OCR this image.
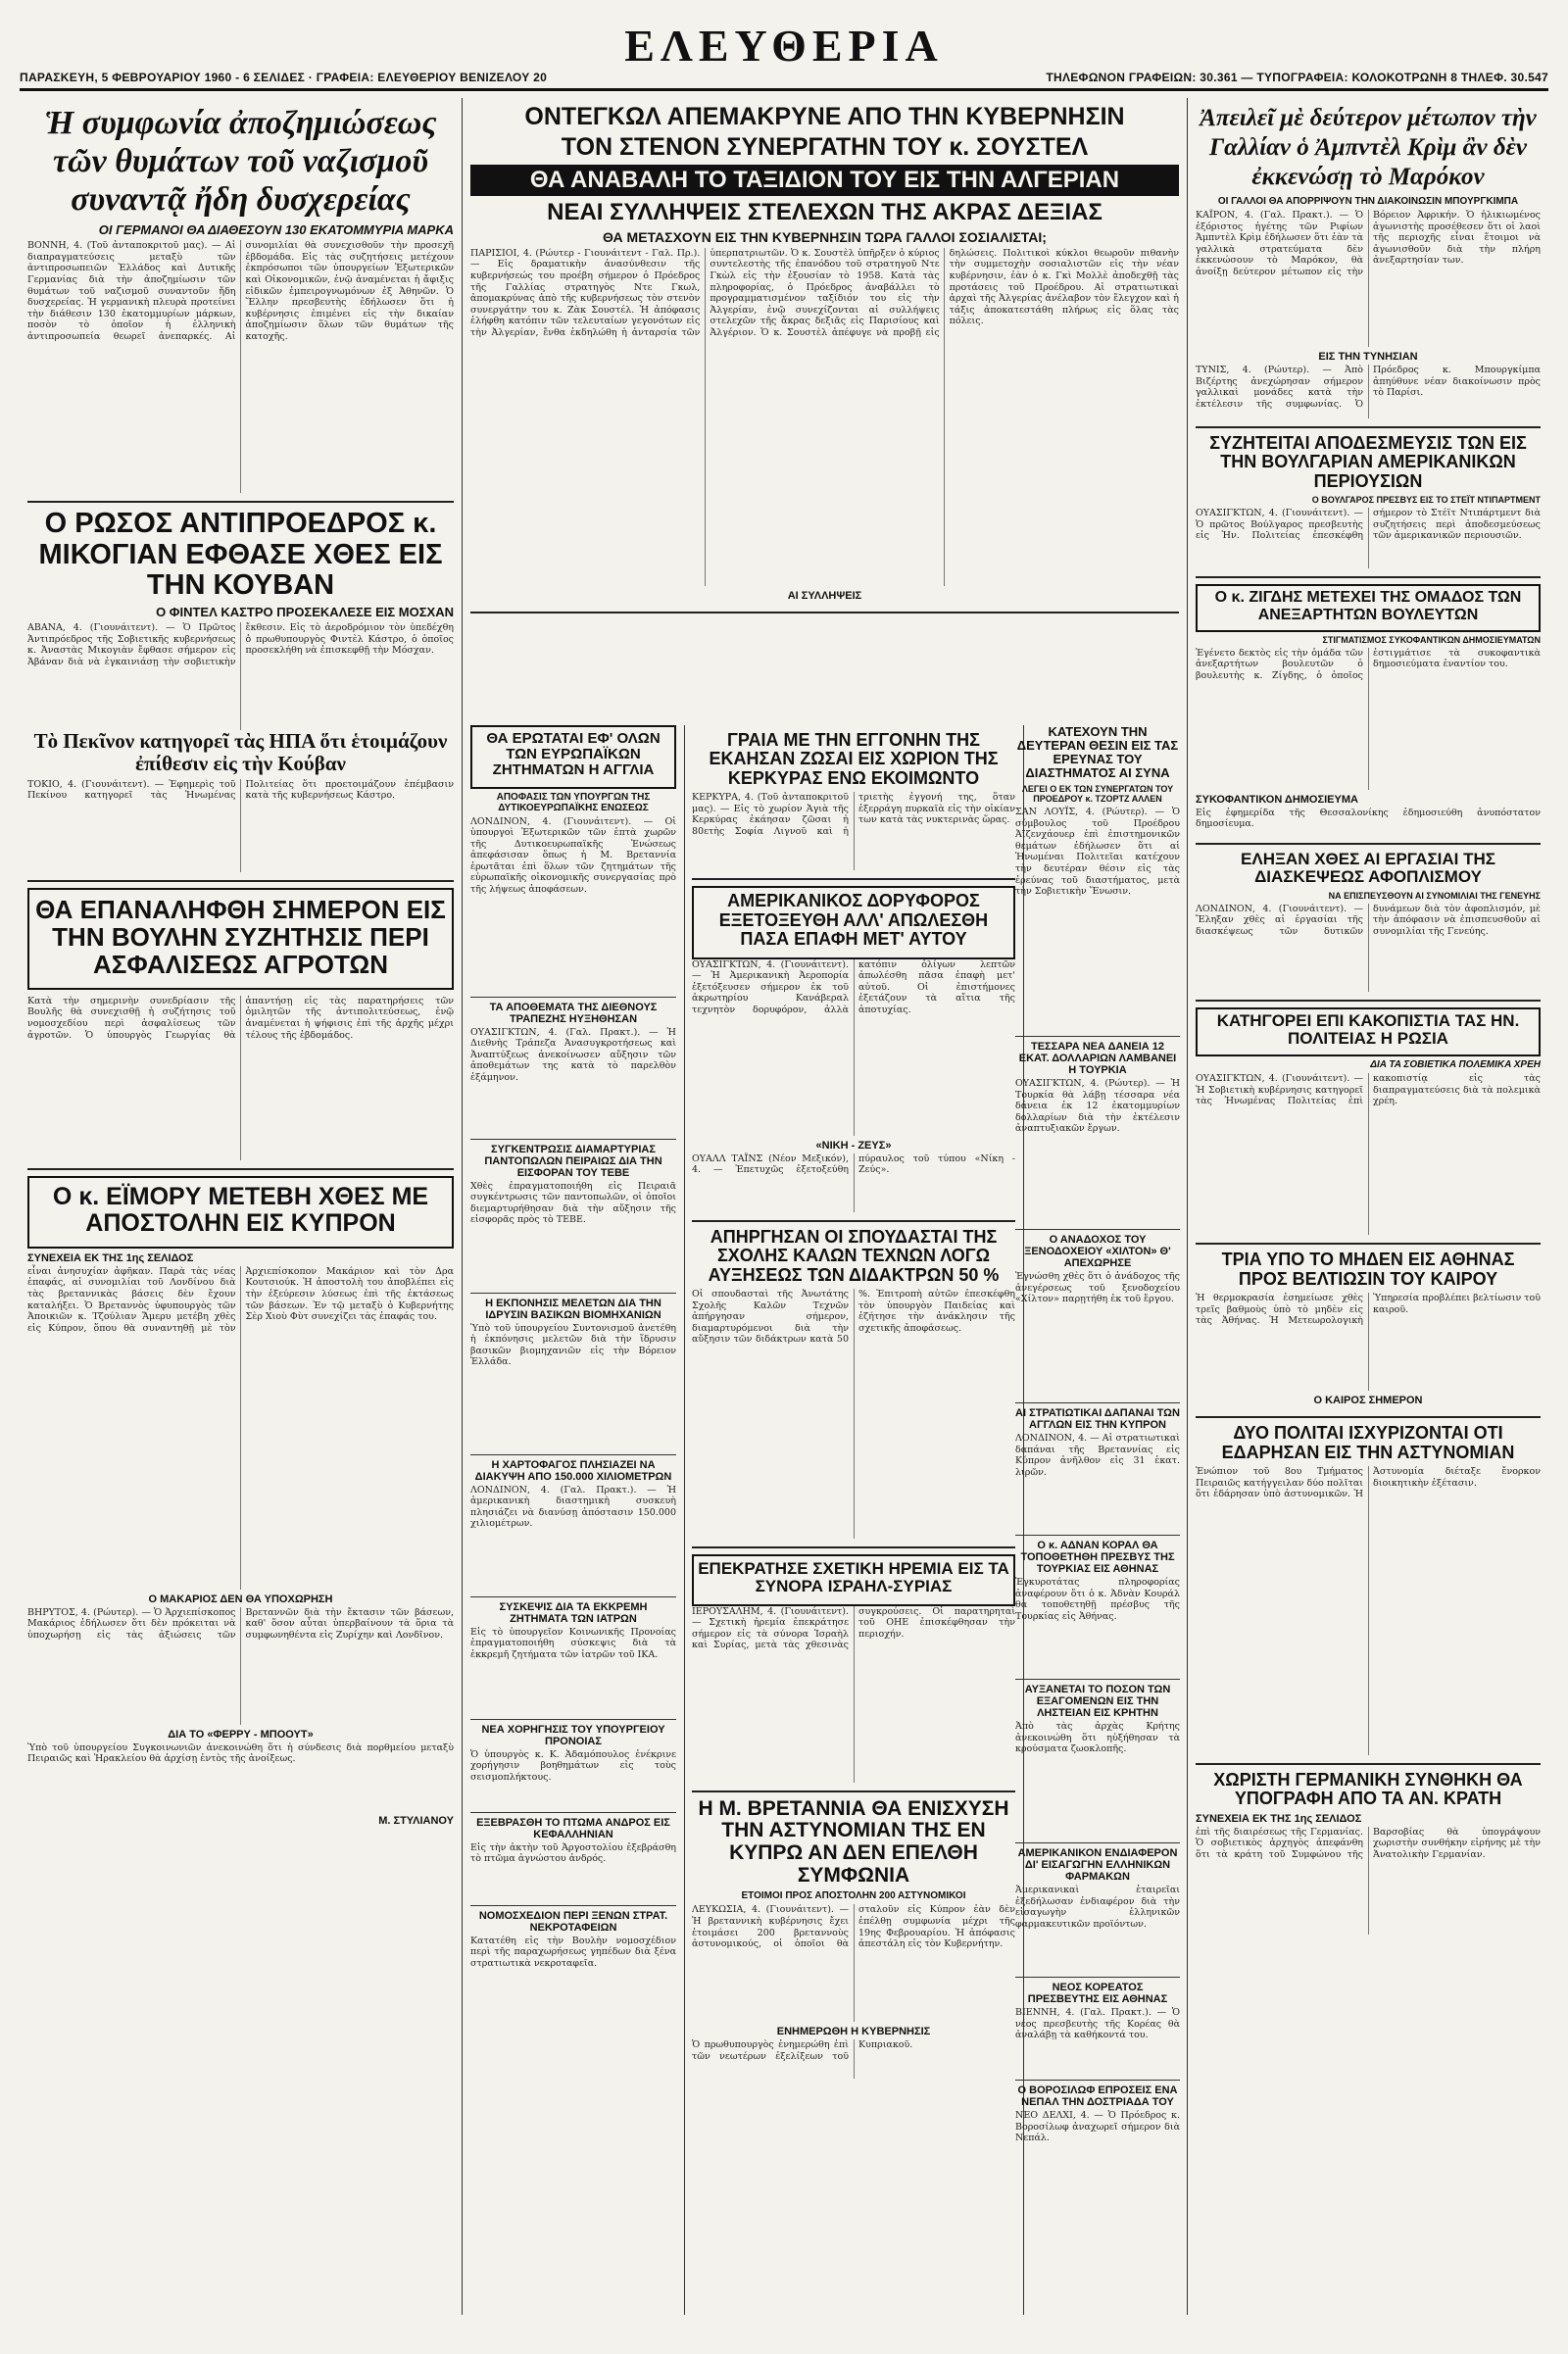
ΕΛΕΥΘΕΡΙΑ
ΠΑΡΑΣΚΕΥΗ, 5 ΦΕΒΡΟΥΑΡΙΟΥ 1960 - 6 ΣΕΛΙΔΕΣ · ΓΡΑΦΕΙΑ: ΕΛΕΥΘΕΡΙΟΥ ΒΕΝΙΖΕΛΟΥ 20	ΤΗΛΕΦΩΝΟΝ ΓΡΑΦΕΙΩΝ: 30.361 — ΤΥΠΟΓΡΑΦΕΙΑ: ΚΟΛΟΚΟΤΡΩΝΗ 8 ΤΗΛΕΦ. 30.547
Ἡ συμφωνία ἀποζημιώσεως τῶν θυμάτων τοῦ ναζισμοῦ συναντᾷ ἤδη δυσχερείας
ΟΙ ΓΕΡΜΑΝΟΙ ΘΑ ΔΙΑΘΕΣΟΥΝ 130 ΕΚΑΤΟΜΜΥΡΙΑ ΜΑΡΚΑ

ΒΟΝΝΗ, 4. (Τοῦ ἀνταποκριτοῦ μας). — Αἱ διαπραγματεύσεις μεταξὺ τῶν ἀντιπροσωπειῶν Ἑλλάδος καὶ Δυτικῆς Γερμανίας διὰ τὴν ἀποζημίωσιν τῶν θυμάτων τοῦ ναζισμοῦ συναντοῦν ἤδη δυσχερείας. Ἡ γερμανικὴ πλευρὰ προτείνει τὴν διάθεσιν 130 ἑκατομμυρίων μάρκων, ποσὸν τὸ ὁποῖον ἡ ἑλληνικὴ ἀντιπροσωπεία θεωρεῖ ἀνεπαρκές. Αἱ συνομιλίαι θὰ συνεχισθοῦν τὴν προσεχῆ ἑβδομάδα. Εἰς τὰς συζητήσεις μετέχουν ἐκπρόσωποι τῶν ὑπουργείων Ἐξωτερικῶν καὶ Οἰκονομικῶν, ἐνῷ ἀναμένεται ἡ ἄφιξις εἰδικῶν ἐμπειρογνωμόνων ἐξ Ἀθηνῶν. Ὁ Ἕλλην πρεσβευτὴς ἐδήλωσεν ὅτι ἡ κυβέρνησις ἐπιμένει εἰς τὴν δικαίαν ἀποζημίωσιν ὅλων τῶν θυμάτων τῆς κατοχῆς.

Ο ΡΩΣΟΣ ΑΝΤΙΠΡΟΕΔΡΟΣ κ. ΜΙΚΟΓΙΑΝ ΕΦΘΑΣΕ ΧΘΕΣ ΕΙΣ ΤΗΝ ΚΟΥΒΑΝ
Ο ΦΙΝΤΕΛ ΚΑΣΤΡΟ ΠΡΟΣΕΚΑΛΕΣΕ ΕΙΣ ΜΟΣΧΑΝ

ΑΒΑΝΑ, 4. (Γιουνάιτεντ). — Ὁ Πρῶτος Ἀντιπρόεδρος τῆς Σοβιετικῆς κυβερνήσεως κ. Ἀναστὰς Μικογιὰν ἔφθασε σήμερον εἰς Ἀβάναν διὰ νὰ ἐγκαινιάσῃ τὴν σοβιετικὴν ἔκθεσιν. Εἰς τὸ ἀεροδρόμιον τὸν ὑπεδέχθη ὁ πρωθυπουργὸς Φιντὲλ Κάστρο, ὁ ὁποῖος προσεκλήθη νὰ ἐπισκεφθῇ τὴν Μόσχαν.

Τὸ Πεκῖνον κατηγορεῖ τὰς ΗΠΑ ὅτι ἑτοιμάζουν ἐπίθεσιν εἰς τὴν Κούβαν

ΤΟΚΙΟ, 4. (Γιουνάιτεντ). — Ἐφημερὶς τοῦ Πεκίνου κατηγορεῖ τὰς Ἡνωμένας Πολιτείας ὅτι προετοιμάζουν ἐπέμβασιν κατὰ τῆς κυβερνήσεως Κάστρο.

ΘΑ ΕΠΑΝΑΛΗΦΘΗ ΣΗΜΕΡΟΝ ΕΙΣ ΤΗΝ ΒΟΥΛΗΝ ΣΥΖΗΤΗΣΙΣ ΠΕΡΙ ΑΣΦΑΛΙΣΕΩΣ ΑΓΡΟΤΩΝ

Κατὰ τὴν σημερινὴν συνεδρίασιν τῆς Βουλῆς θὰ συνεχισθῇ ἡ συζήτησις τοῦ νομοσχεδίου περὶ ἀσφαλίσεως τῶν ἀγροτῶν. Ὁ ὑπουργὸς Γεωργίας θὰ ἀπαντήσῃ εἰς τὰς παρατηρήσεις τῶν ὁμιλητῶν τῆς ἀντιπολιτεύσεως, ἐνῷ ἀναμένεται ἡ ψήφισις ἐπὶ τῆς ἀρχῆς μέχρι τέλους τῆς ἑβδομάδος.

Ο κ. ΕΪΜΟΡΥ ΜΕΤΕΒΗ ΧΘΕΣ ΜΕ ΑΠΟΣΤΟΛΗΝ ΕΙΣ ΚΥΠΡΟΝ
ΣΥΝΕΧΕΙΑ ΕΚ ΤΗΣ 1ης ΣΕΛΙΔΟΣ

εἶναι ἀνησυχίαν ἀφῆκαν. Παρὰ τὰς νέας ἐπαφάς, αἱ συνομιλίαι τοῦ Λονδίνου διὰ τὰς βρεταννικὰς βάσεις δὲν ἔχουν καταλήξει. Ὁ Βρεταννὸς ὑφυπουργὸς τῶν Ἀποικιῶν κ. Τζούλιαν Ἄμερυ μετέβη χθὲς εἰς Κύπρον, ὅπου θὰ συναντηθῇ μὲ τὸν Ἀρχιεπίσκοπον Μακάριον καὶ τὸν Δρα Κουτσιούκ. Ἡ ἀποστολὴ του ἀποβλέπει εἰς τὴν ἐξεύρεσιν λύσεως ἐπὶ τῆς ἐκτάσεως τῶν βάσεων. Ἐν τῷ μεταξὺ ὁ Κυβερνήτης Σὲρ Χιοὺ Φὺτ συνεχίζει τὰς ἐπαφάς του.

Ο ΜΑΚΑΡΙΟΣ ΔΕΝ ΘΑ ΥΠΟΧΩΡΗΣΗ

ΒΗΡΥΤΟΣ, 4. (Ρώυτερ). — Ὁ Ἀρχιεπίσκοπος Μακάριος ἐδήλωσεν ὅτι δὲν πρόκειται νὰ ὑποχωρήσῃ εἰς τὰς ἀξιώσεις τῶν Βρεταννῶν διὰ τὴν ἔκτασιν τῶν βάσεων, καθ' ὅσον αὗται ὑπερβαίνουν τὰ ὅρια τὰ συμφωνηθέντα εἰς Ζυρίχην καὶ Λονδῖνον.

ΔΙΑ ΤΟ «ΦΕΡΡΥ - ΜΠΟΟΥΤ»

Ὑπὸ τοῦ ὑπουργείου Συγκοινωνιῶν ἀνεκοινώθη ὅτι ἡ σύνδεσις διὰ πορθμείου μεταξὺ Πειραιῶς καὶ Ἡρακλείου θὰ ἀρχίσῃ ἐντὸς τῆς ἀνοίξεως.

Μ. ΣΤΥΛΙΑΝΟΥ
ΟΝΤΕΓΚΩΛ ΑΠΕΜΑΚΡΥΝΕ ΑΠΟ ΤΗΝ ΚΥΒΕΡΝΗΣΙΝ
ΤΟΝ ΣΤΕΝΟΝ ΣΥΝΕΡΓΑΤΗΝ ΤΟΥ κ. ΣΟΥΣΤΕΛ
ΘΑ ΑΝΑΒΑΛΗ ΤΟ ΤΑΞΙΔΙΟΝ ΤΟΥ ΕΙΣ ΤΗΝ ΑΛΓΕΡΙΑΝ
ΝΕΑΙ ΣΥΛΛΗΨΕΙΣ ΣΤΕΛΕΧΩΝ ΤΗΣ ΑΚΡΑΣ ΔΕΞΙΑΣ
ΘΑ ΜΕΤΑΣΧΟΥΝ ΕΙΣ ΤΗΝ ΚΥΒΕΡΝΗΣΙΝ ΤΩΡΑ ΓΑΛΛΟΙ ΣΟΣΙΑΛΙΣΤΑΙ;

ΠΑΡΙΣΙΟΙ, 4. (Ρώυτερ - Γιουνάιτεντ - Γαλ. Πρ.). — Εἰς δραματικὴν ἀνασύνθεσιν τῆς κυβερνήσεώς του προέβη σήμερον ὁ Πρόεδρος τῆς Γαλλίας στρατηγὸς Ντε Γκωλ, ἀπομακρύνας ἀπὸ τῆς κυβερνήσεως τὸν στενὸν συνεργάτην του κ. Ζὰκ Σουστέλ. Ἡ ἀπόφασις ἐλήφθη κατόπιν τῶν τελευταίων γεγονότων εἰς τὴν Ἀλγερίαν, ἔνθα ἐκδηλώθη ἡ ἀνταρσία τῶν ὑπερπατριωτῶν. Ὁ κ. Σουστὲλ ὑπῆρξεν ὁ κύριος συντελεστὴς τῆς ἐπανόδου τοῦ στρατηγοῦ Ντε Γκὼλ εἰς τὴν ἐξουσίαν τὸ 1958. Κατὰ τὰς πληροφορίας, ὁ Πρόεδρος ἀναβάλλει τὸ προγραμματισμένον ταξίδιόν του εἰς τὴν Ἀλγερίαν, ἐνῷ συνεχίζονται αἱ συλλήψεις στελεχῶν τῆς ἄκρας δεξιᾶς εἰς Παρισίους καὶ Ἀλγέριον. Ὁ κ. Σουστὲλ ἀπέφυγε νὰ προβῇ εἰς δηλώσεις. Πολιτικοὶ κύκλοι θεωροῦν πιθανὴν τὴν συμμετοχὴν σοσιαλιστῶν εἰς τὴν νέαν κυβέρνησιν, ἐὰν ὁ κ. Γκὶ Μολλὲ ἀποδεχθῇ τὰς προτάσεις τοῦ Προέδρου. Αἱ στρατιωτικαὶ ἀρχαὶ τῆς Ἀλγερίας ἀνέλαβον τὸν ἔλεγχον καὶ ἡ τάξις ἀποκατεστάθη πλήρως εἰς ὅλας τὰς πόλεις.

ΑΙ ΣΥΛΛΗΨΕΙΣ
ΘΑ ΕΡΩΤΑΤΑΙ ΕΦ' ΟΛΩΝ ΤΩΝ ΕΥΡΩΠΑΪΚΩΝ ΖΗΤΗΜΑΤΩΝ Η ΑΓΓΛΙΑ
ΑΠΟΦΑΣΙΣ ΤΩΝ ΥΠΟΥΡΓΩΝ ΤΗΣ ΔΥΤΙΚΟΕΥΡΩΠΑΪΚΗΣ ΕΝΩΣΕΩΣ

ΛΟΝΔΙΝΟΝ, 4. (Γιουνάιτεντ). — Οἱ ὑπουργοὶ Ἐξωτερικῶν τῶν ἑπτὰ χωρῶν τῆς Δυτικοευρωπαϊκῆς Ἑνώσεως ἀπεφάσισαν ὅπως ἡ Μ. Βρεταννία ἐρωτᾶται ἐπὶ ὅλων τῶν ζητημάτων τῆς εὐρωπαϊκῆς οἰκονομικῆς συνεργασίας πρὸ τῆς λήψεως ἀποφάσεων.

ΤΑ ΑΠΟΘΕΜΑΤΑ ΤΗΣ ΔΙΕΘΝΟΥΣ ΤΡΑΠΕΖΗΣ ΗΥΞΗΘΗΣΑΝ

ΟΥΑΣΙΓΚΤΩΝ, 4. (Γαλ. Πρακτ.). — Ἡ Διεθνὴς Τράπεζα Ἀνασυγκροτήσεως καὶ Ἀναπτύξεως ἀνεκοίνωσεν αὔξησιν τῶν ἀποθεμάτων της κατὰ τὸ παρελθὸν ἑξάμηνον.

ΣΥΓΚΕΝΤΡΩΣΙΣ ΔΙΑΜΑΡΤΥΡΙΑΣ ΠΑΝΤΟΠΩΛΩΝ ΠΕΙΡΑΙΩΣ ΔΙΑ ΤΗΝ ΕΙΣΦΟΡΑΝ ΤΟΥ ΤΕΒΕ

Χθὲς ἐπραγματοποιήθη εἰς Πειραιᾶ συγκέντρωσις τῶν παντοπωλῶν, οἱ ὁποῖοι διεμαρτυρήθησαν διὰ τὴν αὔξησιν τῆς εἰσφορᾶς πρὸς τὸ ΤΕΒΕ.

Η ΕΚΠΟΝΗΣΙΣ ΜΕΛΕΤΩΝ ΔΙΑ ΤΗΝ ΙΔΡΥΣΙΝ ΒΑΣΙΚΩΝ ΒΙΟΜΗΧΑΝΙΩΝ

Ὑπὸ τοῦ ὑπουργείου Συντονισμοῦ ἀνετέθη ἡ ἐκπόνησις μελετῶν διὰ τὴν ἵδρυσιν βασικῶν βιομηχανιῶν εἰς τὴν Βόρειον Ἑλλάδα.

Η ΧΑΡΤΟΦΑΓΟΣ ΠΛΗΣΙΑΖΕΙ ΝΑ ΔΙΑΚΥΨΗ ΑΠΟ 150.000 ΧΙΛΙΟΜΕΤΡΩΝ

ΛΟΝΔΙΝΟΝ, 4. (Γαλ. Πρακτ.). — Ἡ ἀμερικανικὴ διαστημικὴ συσκευὴ πλησιάζει νὰ διανύσῃ ἀπόστασιν 150.000 χιλιομέτρων.

ΣΥΣΚΕΨΙΣ ΔΙΑ ΤΑ ΕΚΚΡΕΜΗ ΖΗΤΗΜΑΤΑ ΤΩΝ ΙΑΤΡΩΝ

Εἰς τὸ ὑπουργεῖον Κοινωνικῆς Προνοίας ἐπραγματοποιήθη σύσκεψις διὰ τὰ ἐκκρεμῆ ζητήματα τῶν ἰατρῶν τοῦ ΙΚΑ.

ΝΕΑ ΧΟΡΗΓΗΣΙΣ ΤΟΥ ΥΠΟΥΡΓΕΙΟΥ ΠΡΟΝΟΙΑΣ

Ὁ ὑπουργὸς κ. Κ. Ἀδαμόπουλος ἐνέκρινε χορήγησιν βοηθημάτων εἰς τοὺς σεισμοπλήκτους.

ΕΞΕΒΡΑΣΘΗ ΤΟ ΠΤΩΜΑ ΑΝΔΡΟΣ ΕΙΣ ΚΕΦΑΛΛΗΝΙΑΝ

Εἰς τὴν ἀκτὴν τοῦ Ἀργοστολίου ἐξεβράσθη τὸ πτῶμα ἀγνώστου ἀνδρός.

ΝΟΜΟΣΧΕΔΙΟΝ ΠΕΡΙ ΞΕΝΩΝ ΣΤΡΑΤ. ΝΕΚΡΟΤΑΦΕΙΩΝ

Κατατέθη εἰς τὴν Βουλὴν νομοσχέδιον περὶ τῆς παραχωρήσεως γηπέδων διὰ ξένα στρατιωτικὰ νεκροταφεῖα.

ΓΡΑΙΑ ΜΕ ΤΗΝ ΕΓΓΟΝΗΝ ΤΗΣ ΕΚΑΗΣΑΝ ΖΩΣΑΙ ΕΙΣ ΧΩΡΙΟΝ ΤΗΣ ΚΕΡΚΥΡΑΣ ΕΝΩ ΕΚΟΙΜΩΝΤΟ

ΚΕΡΚΥΡΑ, 4. (Τοῦ ἀνταποκριτοῦ μας). — Εἰς τὸ χωρίον Ἁγιὰ τῆς Κερκύρας ἐκάησαν ζῶσαι ἡ 80ετὴς Σοφία Λιγνοῦ καὶ ἡ τριετὴς ἐγγονή της, ὅταν ἐξερράγη πυρκαϊὰ εἰς τὴν οἰκίαν των κατὰ τὰς νυκτερινὰς ὥρας.

ΑΜΕΡΙΚΑΝΙΚΟΣ ΔΟΡΥΦΟΡΟΣ ΕΞΕΤΟΞΕΥΘΗ ΑΛΛ' ΑΠΩΛΕΣΘΗ ΠΑΣΑ ΕΠΑΦΗ ΜΕΤ' ΑΥΤΟΥ

ΟΥΑΣΙΓΚΤΩΝ, 4. (Γιουνάιτεντ). — Ἡ Ἀμερικανικὴ Ἀεροπορία ἐξετόξευσεν σήμερον ἐκ τοῦ ἀκρωτηρίου Κανάβεραλ τεχνητὸν δορυφόρον, ἀλλὰ κατόπιν ὀλίγων λεπτῶν ἀπωλέσθη πᾶσα ἐπαφὴ μετ' αὐτοῦ. Οἱ ἐπιστήμονες ἐξετάζουν τὰ αἴτια τῆς ἀποτυχίας.

«ΝΙΚΗ - ΖΕΥΣ»

ΟΥΑΛΛ ΤΑΪΝΣ (Νέον Μεξικόν), 4. — Ἐπετυχῶς ἐξετοξεύθη πύραυλος τοῦ τύπου «Νίκη - Ζεύς».

ΑΠΗΡΓΗΣΑΝ ΟΙ ΣΠΟΥΔΑΣΤΑΙ ΤΗΣ ΣΧΟΛΗΣ ΚΑΛΩΝ ΤΕΧΝΩΝ ΛΟΓΩ ΑΥΞΗΣΕΩΣ ΤΩΝ ΔΙΔΑΚΤΡΩΝ 50 %

Οἱ σπουδασταὶ τῆς Ἀνωτάτης Σχολῆς Καλῶν Τεχνῶν ἀπήργησαν σήμερον, διαμαρτυρόμενοι διὰ τὴν αὔξησιν τῶν διδάκτρων κατὰ 50 %. Ἐπιτροπὴ αὐτῶν ἐπεσκέφθη τὸν ὑπουργὸν Παιδείας καὶ ἐζήτησε τὴν ἀνάκλησιν τῆς σχετικῆς ἀποφάσεως.

ΕΠΕΚΡΑΤΗΣΕ ΣΧΕΤΙΚΗ ΗΡΕΜΙΑ ΕΙΣ ΤΑ ΣΥΝΟΡΑ ΙΣΡΑΗΛ-ΣΥΡΙΑΣ

ΙΕΡΟΥΣΑΛΗΜ, 4. (Γιουνάιτεντ). — Σχετικὴ ἠρεμία ἐπεκράτησε σήμερον εἰς τὰ σύνορα Ἰσραὴλ καὶ Συρίας, μετὰ τὰς χθεσινὰς συγκρούσεις. Οἱ παρατηρηταὶ τοῦ ΟΗΕ ἐπισκέφθησαν τὴν περιοχήν.

Η Μ. ΒΡΕΤΑΝΝΙΑ ΘΑ ΕΝΙΣΧΥΣΗ ΤΗΝ ΑΣΤΥΝΟΜΙΑΝ ΤΗΣ ΕΝ ΚΥΠΡΩ ΑΝ ΔΕΝ ΕΠΕΛΘΗ ΣΥΜΦΩΝΙΑ
ΕΤΟΙΜΟΙ ΠΡΟΣ ΑΠΟΣΤΟΛΗΝ 200 ΑΣΤΥΝΟΜΙΚΟΙ

ΛΕΥΚΩΣΙΑ, 4. (Γιουνάιτεντ). — Ἡ βρεταννικὴ κυβέρνησις ἔχει ἑτοιμάσει 200 βρεταννοὺς ἀστυνομικούς, οἱ ὁποῖοι θὰ σταλοῦν εἰς Κύπρον ἐὰν δὲν ἐπέλθῃ συμφωνία μέχρι τῆς 19ης Φεβρουαρίου. Ἡ ἀπόφασις ἀπεστάλη εἰς τὸν Κυβερνήτην.

ΕΝΗΜΕΡΩΘΗ Η ΚΥΒΕΡΝΗΣΙΣ

Ὁ πρωθυπουργὸς ἐνημερώθη ἐπὶ τῶν νεωτέρων ἐξελίξεων τοῦ Κυπριακοῦ.

ΚΑΤΕΧΟΥΝ ΤΗΝ ΔΕΥΤΕΡΑΝ ΘΕΣΙΝ ΕΙΣ ΤΑΣ ΕΡΕΥΝΑΣ ΤΟΥ ΔΙΑΣΤΗΜΑΤΟΣ ΑΙ ΣΥΝΑ
ΛΕΓΕΙ Ο ΕΚ ΤΩΝ ΣΥΝΕΡΓΑΤΩΝ ΤΟΥ ΠΡΟΕΔΡΟΥ κ. ΤΖΟΡΤΖ ΑΛΛΕΝ

ΣΑΝ ΛΟΥΪΣ, 4. (Ρώυτερ). — Ὁ σύμβουλος τοῦ Προέδρου Ἀϊζενχάουερ ἐπὶ ἐπιστημονικῶν θεμάτων ἐδήλωσεν ὅτι αἱ Ἡνωμέναι Πολιτεῖαι κατέχουν τὴν δευτέραν θέσιν εἰς τὰς ἐρεύνας τοῦ διαστήματος, μετὰ τὴν Σοβιετικὴν Ἕνωσιν.

ΤΕΣΣΑΡΑ ΝΕΑ ΔΑΝΕΙΑ 12 ΕΚΑΤ. ΔΟΛΛΑΡΙΩΝ ΛΑΜΒΑΝΕΙ Η ΤΟΥΡΚΙΑ

ΟΥΑΣΙΓΚΤΩΝ, 4. (Ρώυτερ). — Ἡ Τουρκία θὰ λάβῃ τέσσαρα νέα δάνεια ἐκ 12 ἑκατομμυρίων δολλαρίων διὰ τὴν ἐκτέλεσιν ἀναπτυξιακῶν ἔργων.

Ο ΑΝΑΔΟΧΟΣ ΤΟΥ ΞΕΝΟΔΟΧΕΙΟΥ «ΧΙΛΤΟΝ» Θ' ΑΠΕΧΩΡΗΣΕ

Ἐγνώσθη χθὲς ὅτι ὁ ἀνάδοχος τῆς ἀνεγέρσεως τοῦ ξενοδοχείου «Χίλτον» παρῃτήθη ἐκ τοῦ ἔργου.

ΑΙ ΣΤΡΑΤΙΩΤΙΚΑΙ ΔΑΠΑΝΑΙ ΤΩΝ ΑΓΓΛΩΝ ΕΙΣ ΤΗΝ ΚΥΠΡΟΝ

ΛΟΝΔΙΝΟΝ, 4. — Αἱ στρατιωτικαὶ δαπάναι τῆς Βρεταννίας εἰς Κύπρον ἀνῆλθον εἰς 31 ἑκατ. λιρῶν.

Ο κ. ΑΔΝΑΝ ΚΟΡΑΛ ΘΑ ΤΟΠΟΘΕΤΗΘΗ ΠΡΕΣΒΥΣ ΤΗΣ ΤΟΥΡΚΙΑΣ ΕΙΣ ΑΘΗΝΑΣ

Ἐγκυροτάτας πληροφορίας ἀναφέρουν ὅτι ὁ κ. Ἀδνὰν Κουράλ θὰ τοποθετηθῇ πρέσβυς τῆς Τουρκίας εἰς Ἀθήνας.

ΑΥΞΑΝΕΤΑΙ ΤΟ ΠΟΣΟΝ ΤΩΝ ΕΞΑΓΟΜΕΝΩΝ ΕΙΣ ΤΗΝ ΛΗΣΤΕΙΑΝ ΕΙΣ ΚΡΗΤΗΝ

Ἀπὸ τὰς ἀρχὰς Κρήτης ἀνεκοινώθη ὅτι ηὐξήθησαν τὰ κρούσματα ζωοκλοπῆς.

ΑΜΕΡΙΚΑΝΙΚΟΝ ΕΝΔΙΑΦΕΡΟΝ ΔΙ' ΕΙΣΑΓΩΓΗΝ ΕΛΛΗΝΙΚΩΝ ΦΑΡΜΑΚΩΝ

Ἀμερικανικαὶ ἑταιρεῖαι ἐξεδήλωσαν ἐνδιαφέρον διὰ τὴν εἰσαγωγὴν ἑλληνικῶν φαρμακευτικῶν προϊόντων.

ΝΕΟΣ ΚΟΡΕΑΤΟΣ ΠΡΕΣΒΕΥΤΗΣ ΕΙΣ ΑΘΗΝΑΣ

ΒΙΕΝΝΗ, 4. (Γαλ. Πρακτ.). — Ὁ νέος πρεσβευτὴς τῆς Κορέας θὰ ἀναλάβῃ τὰ καθήκοντά του.

Ο ΒΟΡΟΣΙΛΩΦ ΕΠΡΟΣΕΙΣ ΕΝΑ ΝΕΠΑΛ ΤΗΝ ΔΟΣΤΡΙΑΔΑ ΤΟΥ

ΝΕΟ ΔΕΛΧΙ, 4. — Ὁ Πρόεδρος κ. Βοροσίλωφ ἀναχωρεῖ σήμερον διὰ Νεπάλ.

Ἀπειλεῖ μὲ δεύτερον μέτωπον τὴν Γαλλίαν ὁ Ἀμπντὲλ Κρὶμ ἂν δὲν ἐκκενώσῃ τὸ Μαρόκον
ΟΙ ΓΑΛΛΟΙ ΘΑ ΑΠΟΡΡΙΨΟΥΝ ΤΗΝ ΔΙΑΚΟΙΝΩΣΙΝ ΜΠΟΥΡΓΚΙΜΠΑ

ΚΑΪΡΟΝ, 4. (Γαλ. Πρακτ.). — Ὁ ἐξόριστος ἡγέτης τῶν Ριφίων Ἀμπντὲλ Κρὶμ ἐδήλωσεν ὅτι ἐὰν τὰ γαλλικὰ στρατεύματα δὲν ἐκκενώσουν τὸ Μαρόκον, θὰ ἀνοίξῃ δεύτερον μέτωπον εἰς τὴν Βόρειον Ἀφρικήν. Ὁ ἡλικιωμένος ἀγωνιστὴς προσέθεσεν ὅτι οἱ λαοὶ τῆς περιοχῆς εἶναι ἕτοιμοι νὰ ἀγωνισθοῦν διὰ τὴν πλήρη ἀνεξαρτησίαν των.

ΕΙΣ ΤΗΝ ΤΥΝΗΣΙΑΝ

ΤΥΝΙΣ, 4. (Ρώυτερ). — Ἀπὸ Βιζέρτης ἀνεχώρησαν σήμερον γαλλικαὶ μονάδες κατὰ τὴν ἐκτέλεσιν τῆς συμφωνίας. Ὁ Πρόεδρος κ. Μπουργκίμπα ἀπηύθυνε νέαν διακοίνωσιν πρὸς τὸ Παρίσι.

ΣΥΖΗΤΕΙΤΑΙ ΑΠΟΔΕΣΜΕΥΣΙΣ ΤΩΝ ΕΙΣ ΤΗΝ ΒΟΥΛΓΑΡΙΑΝ ΑΜΕΡΙΚΑΝΙΚΩΝ ΠΕΡΙΟΥΣΙΩΝ
Ο ΒΟΥΛΓΑΡΟΣ ΠΡΕΣΒΥΣ ΕΙΣ ΤΟ ΣΤΕΪΤ ΝΤΙΠΑΡΤΜΕΝΤ

ΟΥΑΣΙΓΚΤΩΝ, 4. (Γιουνάιτεντ). — Ὁ πρῶτος Βούλγαρος πρεσβευτὴς εἰς Ἡν. Πολιτείας ἐπεσκέφθη σήμερον τὸ Στέϊτ Ντιπάρτμεντ διὰ συζητήσεις περὶ ἀποδεσμεύσεως τῶν ἀμερικανικῶν περιουσιῶν.

Ο κ. ΖΙΓΔΗΣ ΜΕΤΕΧΕΙ ΤΗΣ ΟΜΑΔΟΣ ΤΩΝ ΑΝΕΞΑΡΤΗΤΩΝ ΒΟΥΛΕΥΤΩΝ
ΣΤΙΓΜΑΤΙΣΜΟΣ ΣΥΚΟΦΑΝΤΙΚΩΝ ΔΗΜΟΣΙΕΥΜΑΤΩΝ

Ἐγένετο δεκτὸς εἰς τὴν ὁμάδα τῶν ἀνεξαρτήτων βουλευτῶν ὁ βουλευτὴς κ. Ζίγδης, ὁ ὁποῖος ἐστιγμάτισε τὰ συκοφαντικὰ δημοσιεύματα ἐναντίον του.

ΣΥΚΟΦΑΝΤΙΚΟΝ ΔΗΜΟΣΙΕΥΜΑ

Εἰς ἐφημερίδα τῆς Θεσσαλονίκης ἐδημοσιεύθη ἀνυπόστατον δημοσίευμα.

ΕΛΗΞΑΝ ΧΘΕΣ ΑΙ ΕΡΓΑΣΙΑΙ ΤΗΣ ΔΙΑΣΚΕΨΕΩΣ ΑΦΟΠΛΙΣΜΟΥ
ΝΑ ΕΠΙΣΠΕΥΣΘΟΥΝ ΑΙ ΣΥΝΟΜΙΛΙΑΙ ΤΗΣ ΓΕΝΕΥΗΣ

ΛΟΝΔΙΝΟΝ, 4. (Γιουνάιτεντ). — Ἔληξαν χθὲς αἱ ἐργασίαι τῆς διασκέψεως τῶν δυτικῶν δυνάμεων διὰ τὸν ἀφοπλισμόν, μὲ τὴν ἀπόφασιν νὰ ἐπισπευσθοῦν αἱ συνομιλίαι τῆς Γενεύης.

ΚΑΤΗΓΟΡΕΙ ΕΠΙ ΚΑΚΟΠΙΣΤΙΑ ΤΑΣ ΗΝ. ΠΟΛΙΤΕΙΑΣ Η ΡΩΣΙΑ
ΔΙΑ ΤΑ ΣΟΒΙΕΤΙΚΑ ΠΟΛΕΜΙΚΑ ΧΡΕΗ

ΟΥΑΣΙΓΚΤΩΝ, 4. (Γιουνάιτεντ). — Ἡ Σοβιετικὴ κυβέρνησις κατηγορεῖ τὰς Ἡνωμένας Πολιτείας ἐπὶ κακοπιστίᾳ εἰς τὰς διαπραγματεύσεις διὰ τὰ πολεμικὰ χρέη.

ΤΡΙΑ ΥΠΟ ΤΟ ΜΗΔΕΝ ΕΙΣ ΑΘΗΝΑΣ ΠΡΟΣ ΒΕΛΤΙΩΣΙΝ ΤΟΥ ΚΑΙΡΟΥ

Ἡ θερμοκρασία ἐσημείωσε χθὲς τρεῖς βαθμοὺς ὑπὸ τὸ μηδὲν εἰς τὰς Ἀθήνας. Ἡ Μετεωρολογικὴ Ὑπηρεσία προβλέπει βελτίωσιν τοῦ καιροῦ.

Ο ΚΑΙΡΟΣ ΣΗΜΕΡΟΝ
ΔΥΟ ΠΟΛΙΤΑΙ ΙΣΧΥΡΙΖΟΝΤΑΙ ΟΤΙ ΕΔΑΡΗΣΑΝ ΕΙΣ ΤΗΝ ΑΣΤΥΝΟΜΙΑΝ

Ἐνώπιον τοῦ 8ου Τμήματος Πειραιῶς κατήγγειλαν δύο πολῖται ὅτι ἐδάρησαν ὑπὸ ἀστυνομικῶν. Ἡ Ἀστυνομία διέταξε ἔνορκον διοικητικὴν ἐξέτασιν.

ΧΩΡΙΣΤΗ ΓΕΡΜΑΝΙΚΗ ΣΥΝΘΗΚΗ ΘΑ ΥΠΟΓΡΑΦΗ ΑΠΟ ΤΑ ΑΝ. ΚΡΑΤΗ
ΣΥΝΕΧΕΙΑ ΕΚ ΤΗΣ 1ης ΣΕΛΙΔΟΣ

ἐπὶ τῆς διαιρέσεως τῆς Γερμανίας. Ὁ σοβιετικὸς ἀρχηγὸς ἀπεφάνθη ὅτι τὰ κράτη τοῦ Συμφώνου τῆς Βαρσοβίας θὰ ὑπογράψουν χωριστὴν συνθήκην εἰρήνης μὲ τὴν Ἀνατολικὴν Γερμανίαν.
